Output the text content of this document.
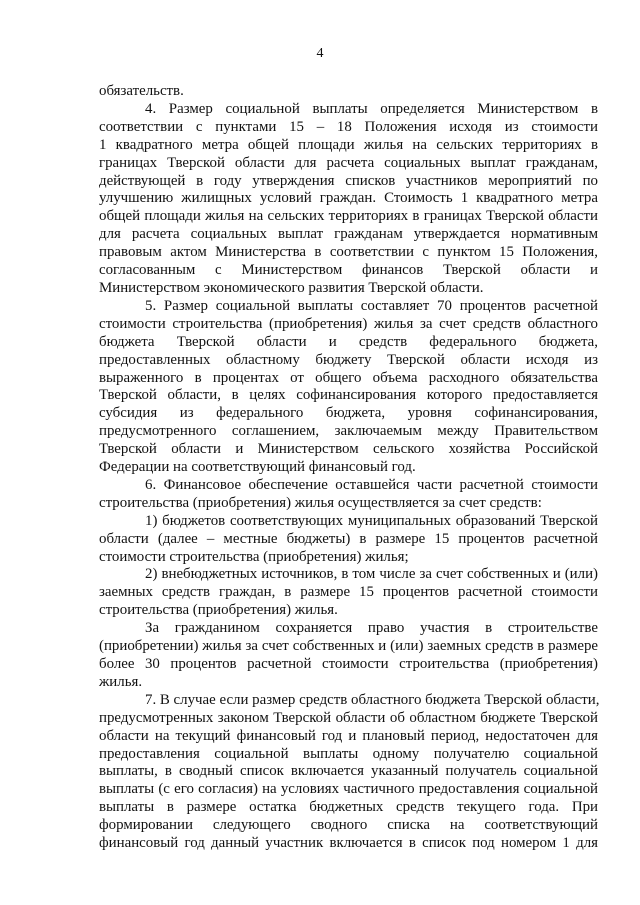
4
обязательств.
4. Размер социальной выплаты определяется Министерством в
соответствии с пунктами 15 – 18 Положения исходя из стоимости
1 квадратного метра общей площади жилья на сельских территориях в
границах Тверской области для расчета социальных выплат гражданам,
действующей в году утверждения списков участников мероприятий по
улучшению жилищных условий граждан. Стоимость 1 квадратного метра
общей площади жилья на сельских территориях в границах Тверской области
для расчета социальных выплат гражданам утверждается нормативным
правовым актом Министерства в соответствии с пунктом 15 Положения,
согласованным с Министерством финансов Тверской области и
Министерством экономического развития Тверской области.
5. Размер социальной выплаты составляет 70 процентов расчетной
стоимости строительства (приобретения) жилья за счет средств областного
бюджета Тверской области и средств федерального бюджета,
предоставленных областному бюджету Тверской области исходя из
выраженного в процентах от общего объема расходного обязательства
Тверской области, в целях софинансирования которого предоставляется
субсидия из федерального бюджета, уровня софинансирования,
предусмотренного соглашением, заключаемым между Правительством
Тверской области и Министерством сельского хозяйства Российской
Федерации на соответствующий финансовый год.
6. Финансовое обеспечение оставшейся части расчетной стоимости
строительства (приобретения) жилья осуществляется за счет средств:
1) бюджетов соответствующих муниципальных образований Тверской
области (далее – местные бюджеты) в размере 15 процентов расчетной
стоимости строительства (приобретения) жилья;
2) внебюджетных источников, в том числе за счет собственных и (или)
заемных средств граждан, в размере 15 процентов расчетной стоимости
строительства (приобретения) жилья.
За гражданином сохраняется право участия в строительстве
(приобретении) жилья за счет собственных и (или) заемных средств в размере
более 30 процентов расчетной стоимости строительства (приобретения)
жилья.
7. В случае если размер средств областного бюджета Тверской области,
предусмотренных законом Тверской области об областном бюджете Тверской
области на текущий финансовый год и плановый период, недостаточен для
предоставления социальной выплаты одному получателю социальной
выплаты, в сводный список включается указанный получатель социальной
выплаты (с его согласия) на условиях частичного предоставления социальной
выплаты в размере остатка бюджетных средств текущего года. При
формировании следующего сводного списка на соответствующий
финансовый год данный участник включается в список под номером 1 для
